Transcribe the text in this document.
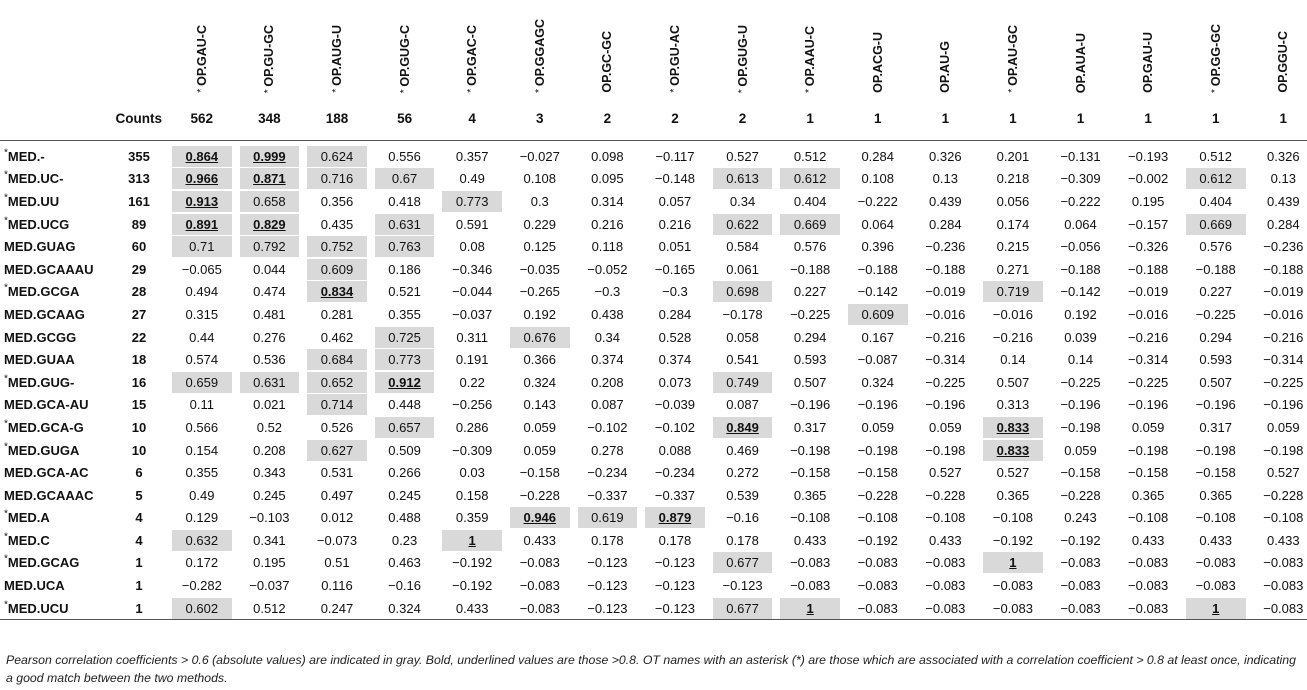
		* OP.GAU-C	* OP.GU-GC	* OP.AUG-U	* OP.GUG-C	* OP.GAC-C	* OP.GGAGC	OP.GC-GC	* OP.GU-AC	* OP.GUG-U	* OP.AAU-C	OP.ACG-U	OP.AU-G	* OP.AU-GC	OP.AUA-U	OP.GAU-U	* OP.GG-GC	OP.GGU-C
	Counts	562	348	188	56	4	3	2	2	2	1	1	1	1	1	1	1	1
*MED.-	355	0.864	0.999	0.624	0.556	0.357	−0.027	0.098	−0.117	0.527	0.512	0.284	0.326	0.201	−0.131	−0.193	0.512	0.326

*MED.UC-	313	0.966	0.871	0.716	0.67	0.49	0.108	0.095	−0.148	0.613	0.612	0.108	0.13	0.218	−0.309	−0.002	0.612	0.13

*MED.UU	161	0.913	0.658	0.356	0.418	0.773	0.3	0.314	0.057	0.34	0.404	−0.222	0.439	0.056	−0.222	0.195	0.404	0.439

*MED.UCG	89	0.891	0.829	0.435	0.631	0.591	0.229	0.216	0.216	0.622	0.669	0.064	0.284	0.174	0.064	−0.157	0.669	0.284

MED.GUAG	60	0.71	0.792	0.752	0.763	0.08	0.125	0.118	0.051	0.584	0.576	0.396	−0.236	0.215	−0.056	−0.326	0.576	−0.236

MED.GCAAAU	29	−0.065	0.044	0.609	0.186	−0.346	−0.035	−0.052	−0.165	0.061	−0.188	−0.188	−0.188	0.271	−0.188	−0.188	−0.188	−0.188

*MED.GCGA	28	0.494	0.474	0.834	0.521	−0.044	−0.265	−0.3	−0.3	0.698	0.227	−0.142	−0.019	0.719	−0.142	−0.019	0.227	−0.019

MED.GCAAG	27	0.315	0.481	0.281	0.355	−0.037	0.192	0.438	0.284	−0.178	−0.225	0.609	−0.016	−0.016	0.192	−0.016	−0.225	−0.016

MED.GCGG	22	0.44	0.276	0.462	0.725	0.311	0.676	0.34	0.528	0.058	0.294	0.167	−0.216	−0.216	0.039	−0.216	0.294	−0.216

MED.GUAA	18	0.574	0.536	0.684	0.773	0.191	0.366	0.374	0.374	0.541	0.593	−0.087	−0.314	0.14	0.14	−0.314	0.593	−0.314

*MED.GUG-	16	0.659	0.631	0.652	0.912	0.22	0.324	0.208	0.073	0.749	0.507	0.324	−0.225	0.507	−0.225	−0.225	0.507	−0.225

MED.GCA-AU	15	0.11	0.021	0.714	0.448	−0.256	0.143	0.087	−0.039	0.087	−0.196	−0.196	−0.196	0.313	−0.196	−0.196	−0.196	−0.196

*MED.GCA-G	10	0.566	0.52	0.526	0.657	0.286	0.059	−0.102	−0.102	0.849	0.317	0.059	0.059	0.833	−0.198	0.059	0.317	0.059

*MED.GUGA	10	0.154	0.208	0.627	0.509	−0.309	0.059	0.278	0.088	0.469	−0.198	−0.198	−0.198	0.833	0.059	−0.198	−0.198	−0.198

MED.GCA-AC	6	0.355	0.343	0.531	0.266	0.03	−0.158	−0.234	−0.234	0.272	−0.158	−0.158	0.527	0.527	−0.158	−0.158	−0.158	0.527

MED.GCAAAC	5	0.49	0.245	0.497	0.245	0.158	−0.228	−0.337	−0.337	0.539	0.365	−0.228	−0.228	0.365	−0.228	0.365	0.365	−0.228

*MED.A	4	0.129	−0.103	0.012	0.488	0.359	0.946	0.619	0.879	−0.16	−0.108	−0.108	−0.108	−0.108	0.243	−0.108	−0.108	−0.108

*MED.C	4	0.632	0.341	−0.073	0.23	1	0.433	0.178	0.178	0.178	0.433	−0.192	0.433	−0.192	−0.192	0.433	0.433	0.433

*MED.GCAG	1	0.172	0.195	0.51	0.463	−0.192	−0.083	−0.123	−0.123	0.677	−0.083	−0.083	−0.083	1	−0.083	−0.083	−0.083	−0.083

MED.UCA	1	−0.282	−0.037	0.116	−0.16	−0.192	−0.083	−0.123	−0.123	−0.123	−0.083	−0.083	−0.083	−0.083	−0.083	−0.083	−0.083	−0.083

*MED.UCU	1	0.602	0.512	0.247	0.324	0.433	−0.083	−0.123	−0.123	0.677	1	−0.083	−0.083	−0.083	−0.083	−0.083	1	−0.083
Pearson correlation coefficients > 0.6 (absolute values) are indicated in gray. Bold, underlined values are those >0.8. OT names with an asterisk (*) are those which are associated with a correlation coefficient > 0.8 at least once, indicating a good match between the two methods.
